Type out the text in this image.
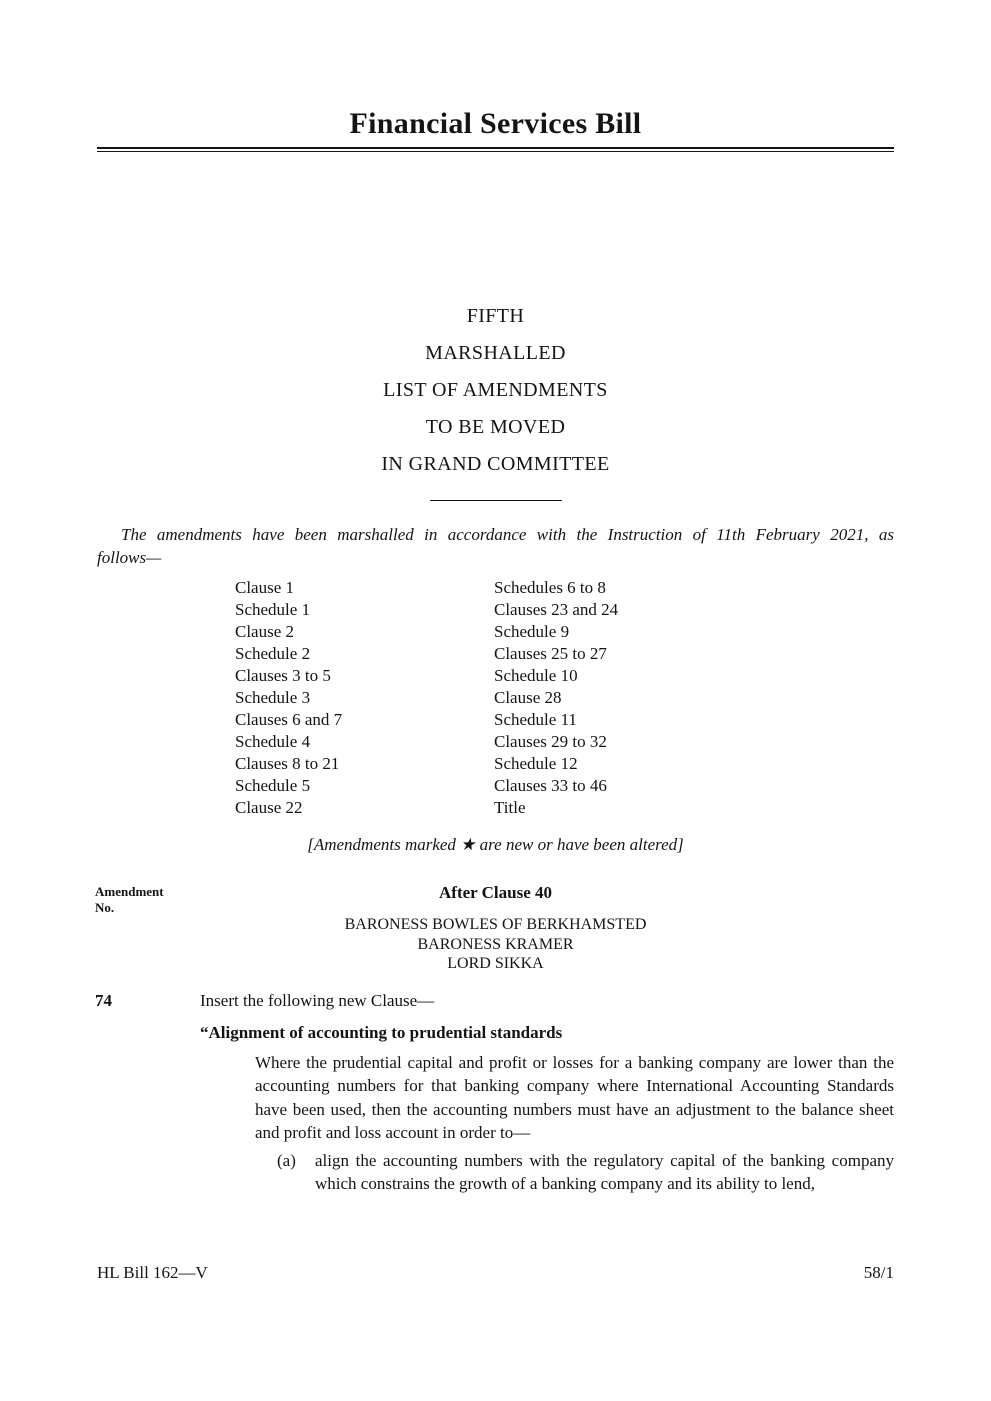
Financial Services Bill
FIFTH
MARSHALLED
LIST OF AMENDMENTS
TO BE MOVED
IN GRAND COMMITTEE
The amendments have been marshalled in accordance with the Instruction of 11th February 2021, as
follows—
Clause 1
Schedule 1
Clause 2
Schedule 2
Clauses 3 to 5
Schedule 3
Clauses 6 and 7
Schedule 4
Clauses 8 to 21
Schedule 5
Clause 22
Schedules 6 to 8
Clauses 23 and 24
Schedule 9
Clauses 25 to 27
Schedule 10
Clause 28
Schedule 11
Clauses 29 to 32
Schedule 12
Clauses 33 to 46
Title
[Amendments marked ★ are new or have been altered]
Amendment
No.
After Clause 40
BARONESS BOWLES OF BERKHAMSTED
BARONESS KRAMER
LORD SIKKA
74	Insert the following new Clause—
“Alignment of accounting to prudential standards
Where the prudential capital and profit or losses for a banking company are lower than the accounting numbers for that banking company where International Accounting Standards have been used, then the accounting numbers must have an adjustment to the balance sheet and profit and loss account in order to—
(a) align the accounting numbers with the regulatory capital of the banking company which constrains the growth of a banking company and its ability to lend,
HL Bill 162—V	58/1
